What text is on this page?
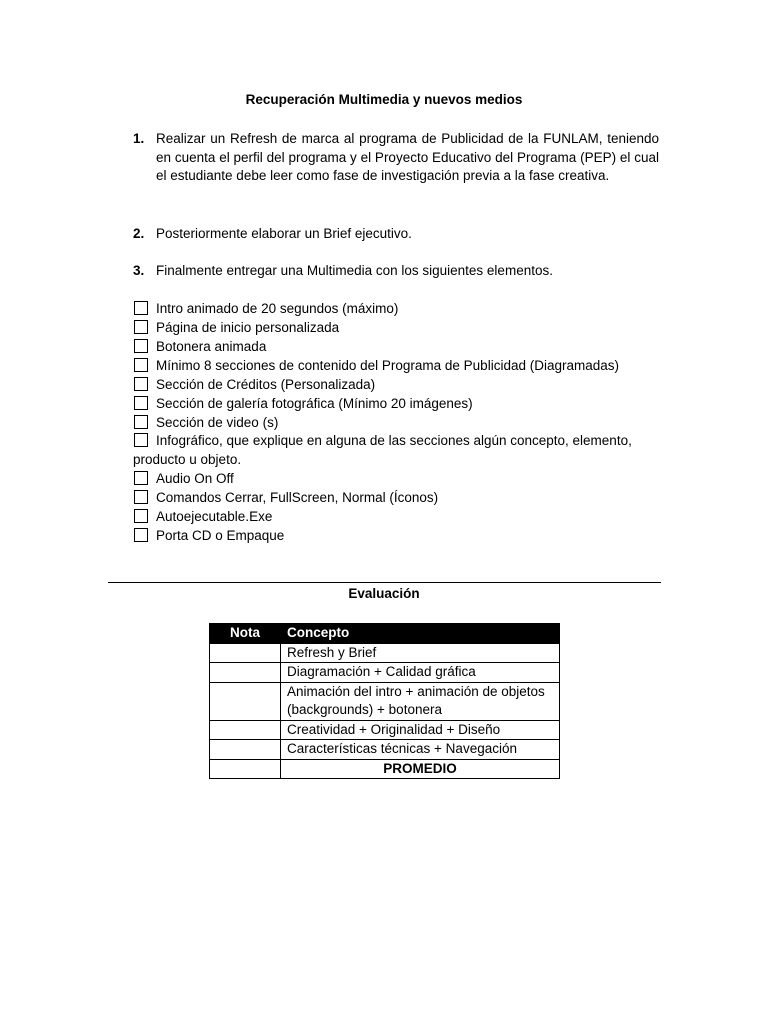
Recuperación Multimedia y nuevos medios
1. Realizar un Refresh de marca al programa de Publicidad de la FUNLAM, teniendo en cuenta el perfil del programa y el Proyecto Educativo del Programa (PEP) el cual el estudiante debe leer como fase de investigación previa a la fase creativa.
2. Posteriormente elaborar un Brief ejecutivo.
3. Finalmente entregar una Multimedia con los siguientes elementos.
Intro animado de 20 segundos (máximo)
Página de inicio personalizada
Botonera animada
Mínimo 8 secciones de contenido del Programa de Publicidad (Diagramadas)
Sección de Créditos (Personalizada)
Sección de galería fotográfica (Mínimo 20 imágenes)
Sección de video (s)
Infográfico, que explique en alguna de las secciones algún concepto, elemento, producto u objeto.
Audio On Off
Comandos Cerrar, FullScreen, Normal (Íconos)
Autoejecutable.Exe
Porta CD o Empaque
Evaluación
Nota	Concepto
	Refresh y Brief
	Diagramación + Calidad gráfica
	Animación del intro + animación de objetos (backgrounds) + botonera
	Creatividad + Originalidad + Diseño
	Características técnicas + Navegación
	PROMEDIO
